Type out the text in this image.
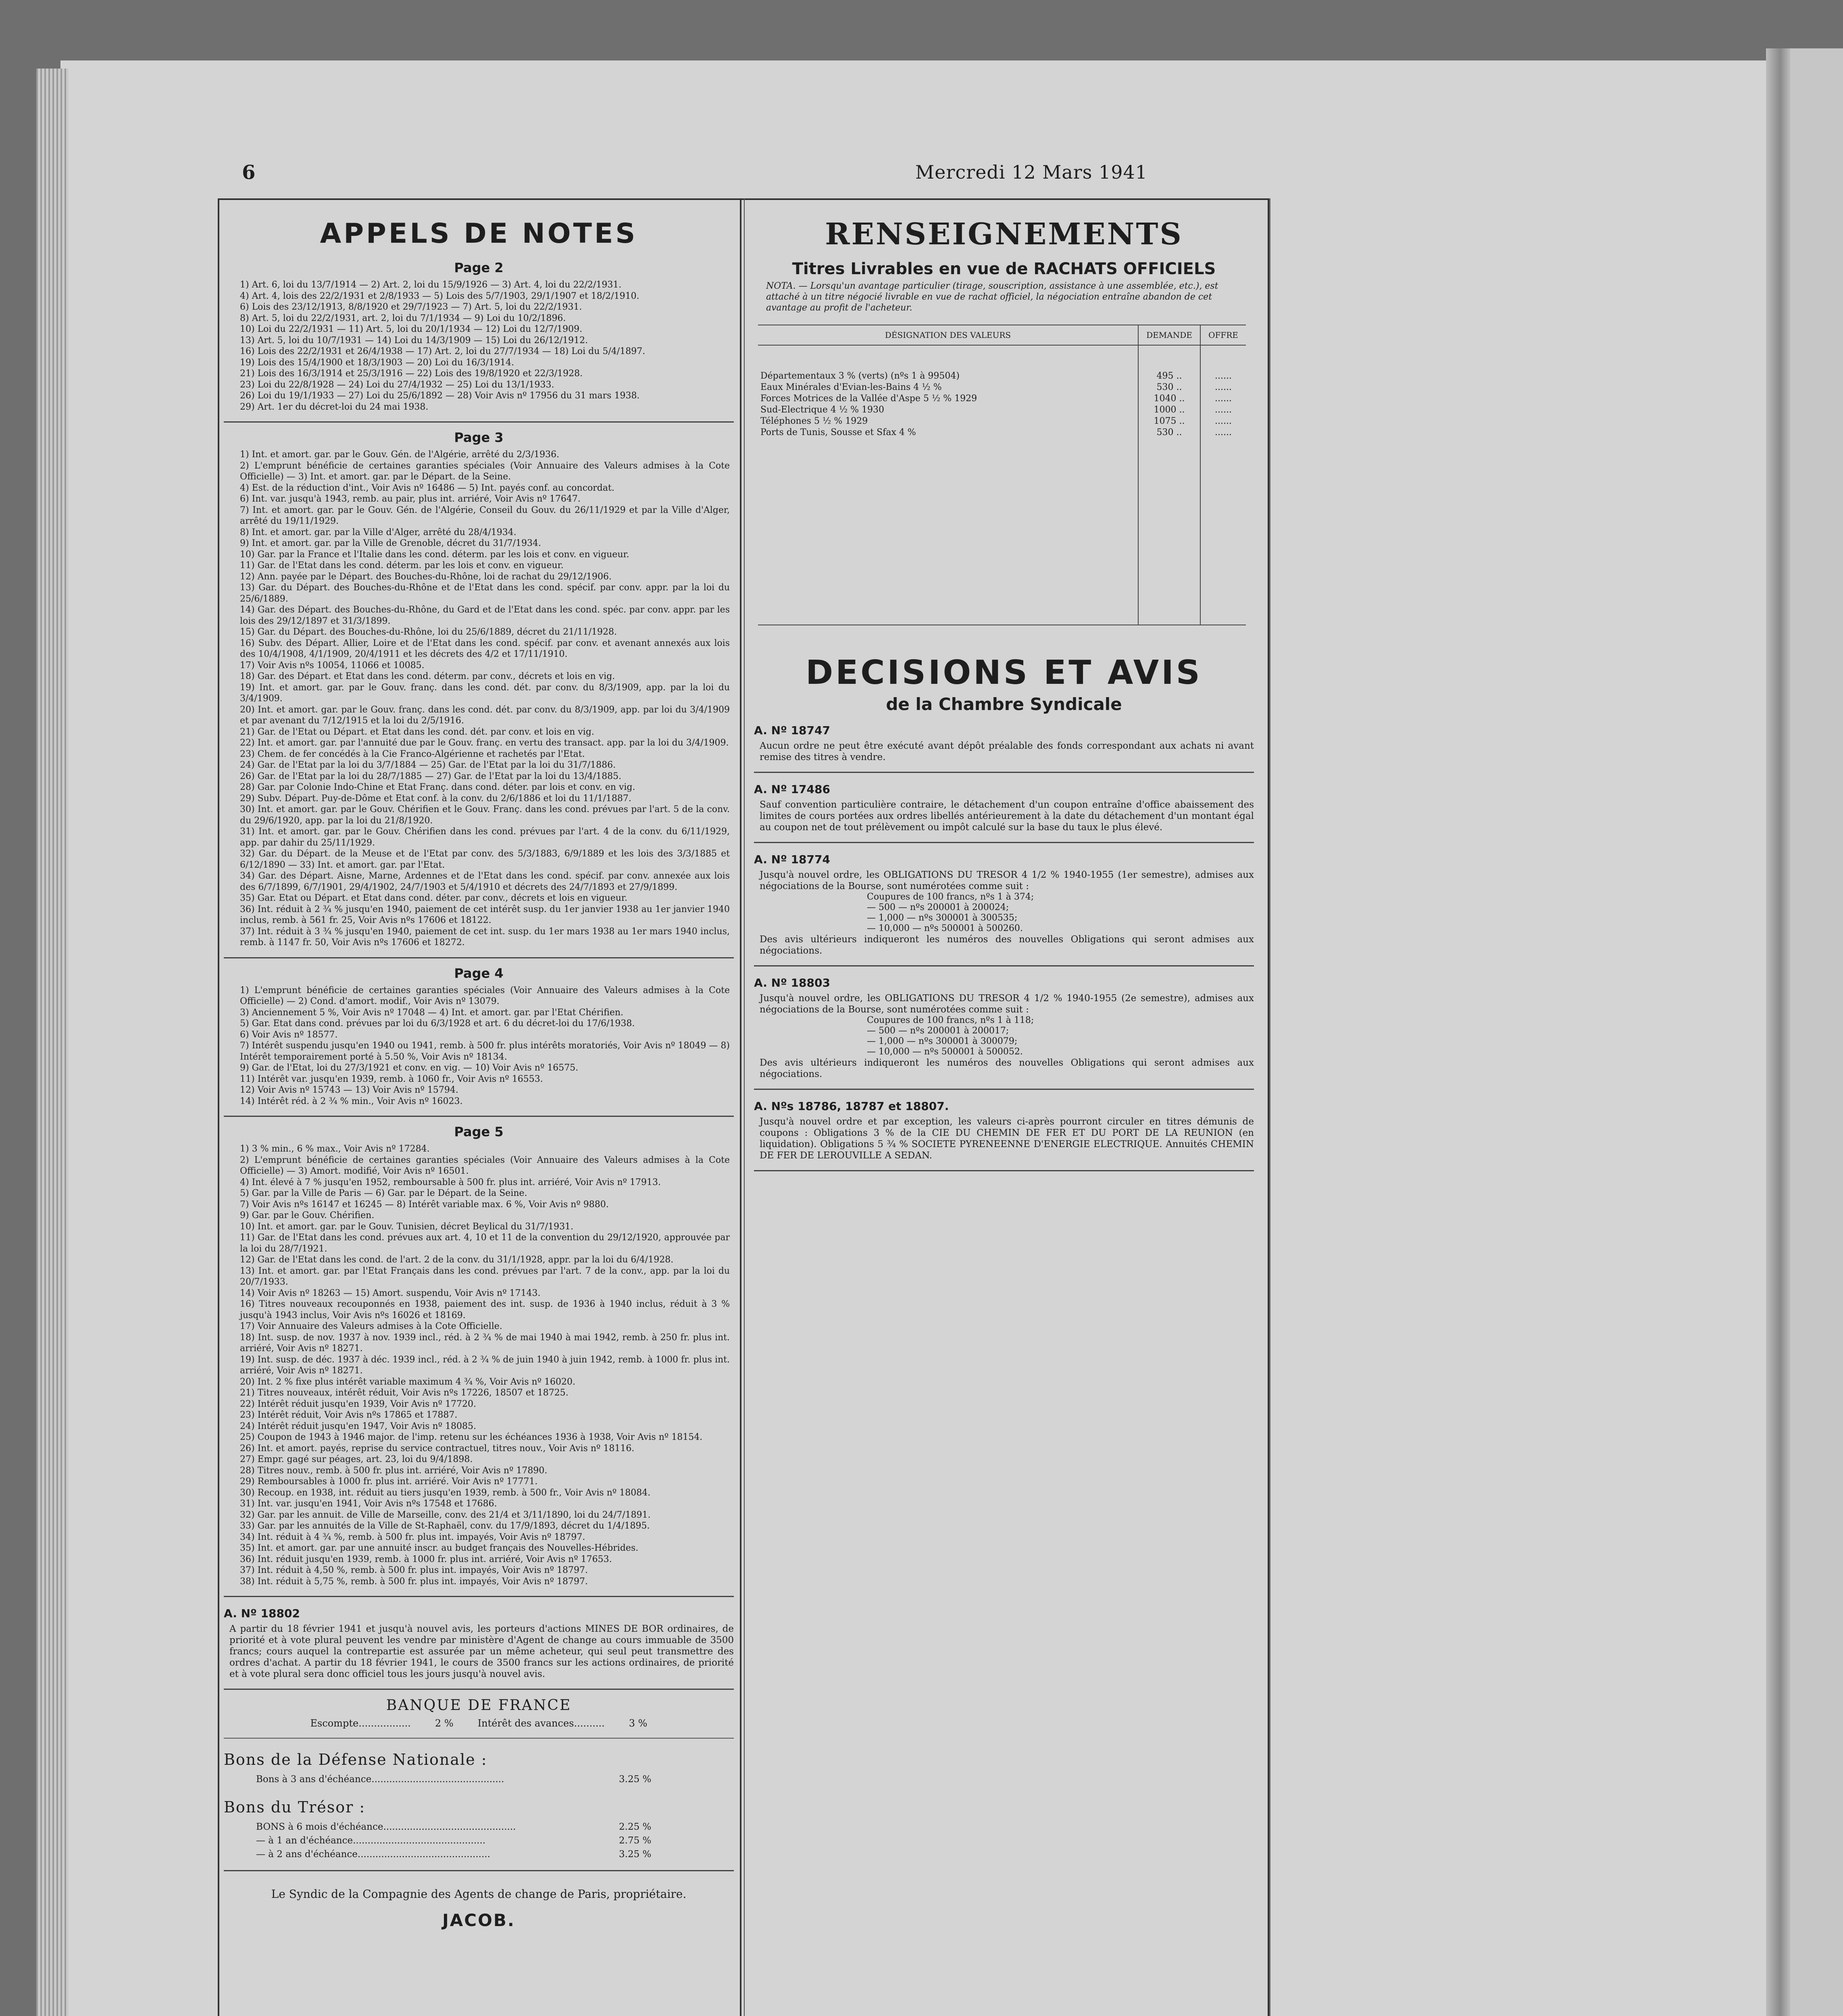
6	Mercredi 12 Mars 1941
APPELS DE NOTES
Page 2

1) Art. 6, loi du 13/7/1914 — 2) Art. 2, loi du 15/9/1926 — 3) Art. 4, loi du 22/2/1931.

4) Art. 4, lois des 22/2/1931 et 2/8/1933 — 5) Lois des 5/7/1903, 29/1/1907 et 18/2/1910.

6) Lois des 23/12/1913, 8/8/1920 et 29/7/1923 — 7) Art. 5, loi du 22/2/1931.

8) Art. 5, loi du 22/2/1931, art. 2, loi du 7/1/1934 — 9) Loi du 10/2/1896.

10) Loi du 22/2/1931 — 11) Art. 5, loi du 20/1/1934 — 12) Loi du 12/7/1909.

13) Art. 5, loi du 10/7/1931 — 14) Loi du 14/3/1909 — 15) Loi du 26/12/1912.

16) Lois des 22/2/1931 et 26/4/1938 — 17) Art. 2, loi du 27/7/1934 — 18) Loi du 5/4/1897.

19) Lois des 15/4/1900 et 18/3/1903 — 20) Loi du 16/3/1914.

21) Lois des 16/3/1914 et 25/3/1916 — 22) Lois des 19/8/1920 et 22/3/1928.

23) Loi du 22/8/1928 — 24) Loi du 27/4/1932 — 25) Loi du 13/1/1933.

26) Loi du 19/1/1933 — 27) Loi du 25/6/1892 — 28) Voir Avis nº 17956 du 31 mars 1938.

29) Art. 1er du décret-loi du 24 mai 1938.

Page 3

1) Int. et amort. gar. par le Gouv. Gén. de l'Algérie, arrêté du 2/3/1936.

2) L'emprunt bénéficie de certaines garanties spéciales (Voir Annuaire des Valeurs admises à la Cote Officielle) — 3) Int. et amort. gar. par le Départ. de la Seine.

4) Est. de la réduction d'int., Voir Avis nº 16486 — 5) Int. payés conf. au concordat.

6) Int. var. jusqu'à 1943, remb. au pair, plus int. arriéré, Voir Avis nº 17647.

7) Int. et amort. gar. par le Gouv. Gén. de l'Algérie, Conseil du Gouv. du 26/11/1929 et par la Ville d'Alger, arrêté du 19/11/1929.

8) Int. et amort. gar. par la Ville d'Alger, arrêté du 28/4/1934.

9) Int. et amort. gar. par la Ville de Grenoble, décret du 31/7/1934.

10) Gar. par la France et l'Italie dans les cond. déterm. par les lois et conv. en vigueur.

11) Gar. de l'Etat dans les cond. déterm. par les lois et conv. en vigueur.

12) Ann. payée par le Départ. des Bouches-du-Rhône, loi de rachat du 29/12/1906.

13) Gar. du Départ. des Bouches-du-Rhône et de l'Etat dans les cond. spécif. par conv. appr. par la loi du 25/6/1889.

14) Gar. des Départ. des Bouches-du-Rhône, du Gard et de l'Etat dans les cond. spéc. par conv. appr. par les lois des 29/12/1897 et 31/3/1899.

15) Gar. du Départ. des Bouches-du-Rhône, loi du 25/6/1889, décret du 21/11/1928.

16) Subv. des Départ. Allier, Loire et de l'Etat dans les cond. spécif. par conv. et avenant annexés aux lois des 10/4/1908, 4/1/1909, 20/4/1911 et les décrets des 4/2 et 17/11/1910.

17) Voir Avis nºs 10054, 11066 et 10085.

18) Gar. des Départ. et Etat dans les cond. déterm. par conv., décrets et lois en vig.

19) Int. et amort. gar. par le Gouv. franç. dans les cond. dét. par conv. du 8/3/1909, app. par la loi du 3/4/1909.

20) Int. et amort. gar. par le Gouv. franç. dans les cond. dét. par conv. du 8/3/1909, app. par loi du 3/4/1909 et par avenant du 7/12/1915 et la loi du 2/5/1916.

21) Gar. de l'Etat ou Départ. et Etat dans les cond. dét. par conv. et lois en vig.

22) Int. et amort. gar. par l'annuité due par le Gouv. franç. en vertu des transact. app. par la loi du 3/4/1909.

23) Chem. de fer concédés à la Cie Franco-Algérienne et rachetés par l'Etat.

24) Gar. de l'Etat par la loi du 3/7/1884 — 25) Gar. de l'Etat par la loi du 31/7/1886.

26) Gar. de l'Etat par la loi du 28/7/1885 — 27) Gar. de l'Etat par la loi du 13/4/1885.

28) Gar. par Colonie Indo-Chine et Etat Franç. dans cond. déter. par lois et conv. en vig.

29) Subv. Départ. Puy-de-Dôme et Etat conf. à la conv. du 2/6/1886 et loi du 11/1/1887.

30) Int. et amort. gar. par le Gouv. Chérifien et le Gouv. Franç. dans les cond. prévues par l'art. 5 de la conv. du 29/6/1920, app. par la loi du 21/8/1920.

31) Int. et amort. gar. par le Gouv. Chérifien dans les cond. prévues par l'art. 4 de la conv. du 6/11/1929, app. par dahir du 25/11/1929.

32) Gar. du Départ. de la Meuse et de l'Etat par conv. des 5/3/1883, 6/9/1889 et les lois des 3/3/1885 et 6/12/1890 — 33) Int. et amort. gar. par l'Etat.

34) Gar. des Départ. Aisne, Marne, Ardennes et de l'Etat dans les cond. spécif. par conv. annexée aux lois des 6/7/1899, 6/7/1901, 29/4/1902, 24/7/1903 et 5/4/1910 et décrets des 24/7/1893 et 27/9/1899.

35) Gar. Etat ou Départ. et Etat dans cond. déter. par conv., décrets et lois en vigueur.

36) Int. réduit à 2 ¾ % jusqu'en 1940, paiement de cet intérêt susp. du 1er janvier 1938 au 1er janvier 1940 inclus, remb. à 561 fr. 25, Voir Avis nºs 17606 et 18122.

37) Int. réduit à 3 ¾ % jusqu'en 1940, paiement de cet int. susp. du 1er mars 1938 au 1er mars 1940 inclus, remb. à 1147 fr. 50, Voir Avis nºs 17606 et 18272.

Page 4

1) L'emprunt bénéficie de certaines garanties spéciales (Voir Annuaire des Valeurs admises à la Cote Officielle) — 2) Cond. d'amort. modif., Voir Avis nº 13079.

3) Anciennement 5 %, Voir Avis nº 17048 — 4) Int. et amort. gar. par l'Etat Chérifien.

5) Gar. Etat dans cond. prévues par loi du 6/3/1928 et art. 6 du décret-loi du 17/6/1938.

6) Voir Avis nº 18577.

7) Intérêt suspendu jusqu'en 1940 ou 1941, remb. à 500 fr. plus intérêts moratoriés, Voir Avis nº 18049 — 8) Intérêt temporairement porté à 5.50 %, Voir Avis nº 18134.

9) Gar. de l'Etat, loi du 27/3/1921 et conv. en vig. — 10) Voir Avis nº 16575.

11) Intérêt var. jusqu'en 1939, remb. à 1060 fr., Voir Avis nº 16553.

12) Voir Avis nº 15743 — 13) Voir Avis nº 15794.

14) Intérêt réd. à 2 ¾ % min., Voir Avis nº 16023.

Page 5

1) 3 % min., 6 % max., Voir Avis nº 17284.

2) L'emprunt bénéficie de certaines garanties spéciales (Voir Annuaire des Valeurs admises à la Cote Officielle) — 3) Amort. modifié, Voir Avis nº 16501.

4) Int. élevé à 7 % jusqu'en 1952, remboursable à 500 fr. plus int. arriéré, Voir Avis nº 17913.

5) Gar. par la Ville de Paris — 6) Gar. par le Départ. de la Seine.

7) Voir Avis nºs 16147 et 16245 — 8) Intérêt variable max. 6 %, Voir Avis nº 9880.

9) Gar. par le Gouv. Chérifien.

10) Int. et amort. gar. par le Gouv. Tunisien, décret Beylical du 31/7/1931.

11) Gar. de l'Etat dans les cond. prévues aux art. 4, 10 et 11 de la convention du 29/12/1920, approuvée par la loi du 28/7/1921.

12) Gar. de l'Etat dans les cond. de l'art. 2 de la conv. du 31/1/1928, appr. par la loi du 6/4/1928.

13) Int. et amort. gar. par l'Etat Français dans les cond. prévues par l'art. 7 de la conv., app. par la loi du 20/7/1933.

14) Voir Avis nº 18263 — 15) Amort. suspendu, Voir Avis nº 17143.

16) Titres nouveaux recouponnés en 1938, paiement des int. susp. de 1936 à 1940 inclus, réduit à 3 % jusqu'à 1943 inclus, Voir Avis nºs 16026 et 18169.

17) Voir Annuaire des Valeurs admises à la Cote Officielle.

18) Int. susp. de nov. 1937 à nov. 1939 incl., réd. à 2 ¾ % de mai 1940 à mai 1942, remb. à 250 fr. plus int. arriéré, Voir Avis nº 18271.

19) Int. susp. de déc. 1937 à déc. 1939 incl., réd. à 2 ¾ % de juin 1940 à juin 1942, remb. à 1000 fr. plus int. arriéré, Voir Avis nº 18271.

20) Int. 2 % fixe plus intérêt variable maximum 4 ¾ %, Voir Avis nº 16020.

21) Titres nouveaux, intérêt réduit, Voir Avis nºs 17226, 18507 et 18725.

22) Intérêt réduit jusqu'en 1939, Voir Avis nº 17720.

23) Intérêt réduit, Voir Avis nºs 17865 et 17887.

24) Intérêt réduit jusqu'en 1947, Voir Avis nº 18085.

25) Coupon de 1943 à 1946 major. de l'imp. retenu sur les échéances 1936 à 1938, Voir Avis nº 18154.

26) Int. et amort. payés, reprise du service contractuel, titres nouv., Voir Avis nº 18116.

27) Empr. gagé sur péages, art. 23, loi du 9/4/1898.

28) Titres nouv., remb. à 500 fr. plus int. arriéré, Voir Avis nº 17890.

29) Remboursables à 1000 fr. plus int. arriéré. Voir Avis nº 17771.

30) Recoup. en 1938, int. réduit au tiers jusqu'en 1939, remb. à 500 fr., Voir Avis nº 18084.

31) Int. var. jusqu'en 1941, Voir Avis nºs 17548 et 17686.

32) Gar. par les annuit. de Ville de Marseille, conv. des 21/4 et 3/11/1890, loi du 24/7/1891.

33) Gar. par les annuités de la Ville de St-Raphaël, conv. du 17/9/1893, décret du 1/4/1895.

34) Int. réduit à 4 ¾ %, remb. à 500 fr. plus int. impayés, Voir Avis nº 18797.

35) Int. et amort. gar. par une annuité inscr. au budget français des Nouvelles-Hébrides.

36) Int. réduit jusqu'en 1939, remb. à 1000 fr. plus int. arriéré, Voir Avis nº 17653.

37) Int. réduit à 4,50 %, remb. à 500 fr. plus int. impayés, Voir Avis nº 18797.

38) Int. réduit à 5,75 %, remb. à 500 fr. plus int. impayés, Voir Avis nº 18797.

A. Nº 18802
A partir du 18 février 1941 et jusqu'à nouvel avis, les porteurs d'actions MINES DE BOR ordinaires, de priorité et à vote plural peuvent les vendre par ministère d'Agent de change au cours immuable de 3500 francs; cours auquel la contrepartie est assurée par un même acheteur, qui seul peut transmettre des ordres d'achat. A partir du 18 février 1941, le cours de 3500 francs sur les actions ordinaires, de priorité et à vote plural sera donc officiel tous les jours jusqu'à nouvel avis.
BANQUE DE FRANCE
Escompte.................	2 %	Intérêt des avances..........	3 %
Bons de la Défense Nationale :
Bons à 3 ans d'échéance.............................................	3.25 %
Bons du Trésor :
BONS à 6 mois d'échéance.............................................	2.25 %
— à 1 an d'échéance.............................................	2.75 %
— à 2 ans d'échéance.............................................	3.25 %
Le Syndic de la Compagnie des Agents de change de Paris, propriétaire.
JACOB.
RENSEIGNEMENTS
Titres Livrables en vue de RACHATS OFFICIELS
NOTA. — Lorsqu'un avantage particulier (tirage, souscription, assistance à une assemblée, etc.), est attaché à un titre négocié livrable en vue de rachat officiel, la négociation entraîne abandon de cet avantage au profit de l'acheteur.
DÉSIGNATION DES VALEURS	DEMANDE	OFFRE

Départementaux 3 % (verts) (nºs 1 à 99504)	495 ..	......
Eaux Minérales d'Evian-les-Bains 4 ½ %	530 ..	......
Forces Motrices de la Vallée d'Aspe 5 ½ % 1929	1040 ..	......
Sud-Electrique 4 ½ % 1930	1000 ..	......
Téléphones 5 ½ % 1929	1075 ..	......
Ports de Tunis, Sousse et Sfax 4 %	530 ..	......

DECISIONS ET AVIS
de la Chambre Syndicale
A. Nº 18747
Aucun ordre ne peut être exécuté avant dépôt préalable des fonds correspondant aux achats ni avant remise des titres à vendre.
A. Nº 17486
Sauf convention particulière contraire, le détachement d'un coupon entraîne d'office abaissement des limites de cours portées aux ordres libellés antérieurement à la date du détachement d'un montant égal au coupon net de tout prélèvement ou impôt calculé sur la base du taux le plus élevé.
A. Nº 18774
Jusqu'à nouvel ordre, les OBLIGATIONS DU TRESOR 4 1/2 % 1940-1955 (1er semestre), admises aux négociations de la Bourse, sont numérotées comme suit :
Coupures de 100 francs, nºs 1 à 374;
— 500 — nºs 200001 à 200024;
— 1,000 — nºs 300001 à 300535;
— 10,000 — nºs 500001 à 500260.
Des avis ultérieurs indiqueront les numéros des nouvelles Obligations qui seront admises aux négociations.
A. Nº 18803
Jusqu'à nouvel ordre, les OBLIGATIONS DU TRESOR 4 1/2 % 1940-1955 (2e semestre), admises aux négociations de la Bourse, sont numérotées comme suit :
Coupures de 100 francs, nºs 1 à 118;
— 500 — nºs 200001 à 200017;
— 1,000 — nºs 300001 à 300079;
— 10,000 — nºs 500001 à 500052.
Des avis ultérieurs indiqueront les numéros des nouvelles Obligations qui seront admises aux négociations.
A. Nºs 18786, 18787 et 18807.
Jusqu'à nouvel ordre et par exception, les valeurs ci-après pourront circuler en titres démunis de coupons : Obligations 3 % de la CIE DU CHEMIN DE FER ET DU PORT DE LA REUNION (en liquidation). Obligations 5 ¾ % SOCIETE PYRENEENNE D'ENERGIE ELECTRIQUE. Annuités CHEMIN DE FER DE LEROUVILLE A SEDAN.
